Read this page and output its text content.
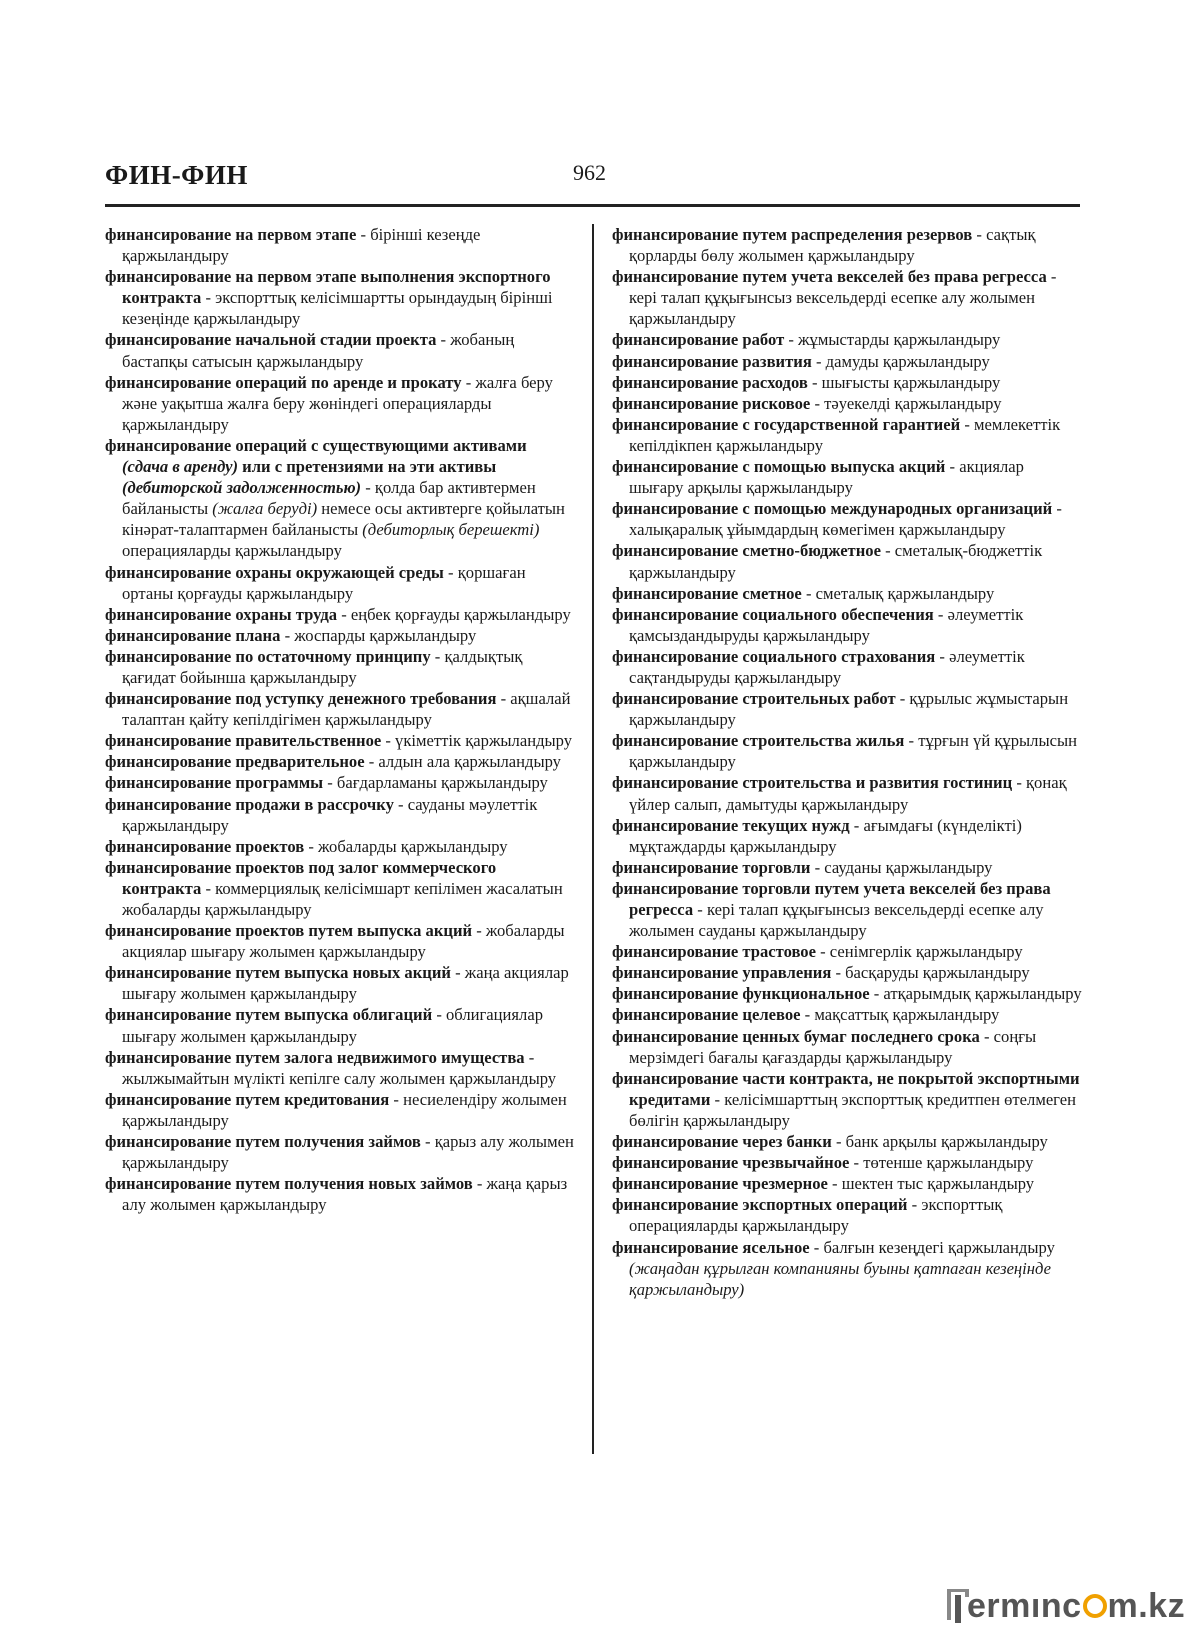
ФИН-ФИН	962

финансирование на первом этапе - бірінші кезеңде қаржыландыру

финансирование на первом этапе выполнения экспортного контракта - экспорттық келісімшартты орындаудың бірінші кезеңінде қаржыландыру

финансирование начальной стадии проекта - жобаның бастапқы сатысын қаржыландыру

финансирование операций по аренде и прокату - жалға беру және уақытша жалға беру жөніндегі операцияларды қаржыландыру

финансирование операций с существующими активами (сдача в аренду) или с претензиями на эти активы (дебиторской задолженностью) - қолда бар активтермен байланысты (жалға беруді) немесе осы активтерге қойылатын кінәрат-талаптармен байланысты (дебиторлық берешекті) операцияларды қаржыландыру

финансирование охраны окружающей среды - қоршаған ортаны қорғауды қаржыландыру

финансирование охраны труда - еңбек қорғауды қаржыландыру

финансирование плана - жоспарды қаржыландыру

финансирование по остаточному принципу - қалдықтық қағидат бойынша қаржыландыру

финансирование под уступку денежного требования - ақшалай талаптан қайту кепілдігімен қаржыландыру

финансирование правительственное - үкіметтік қаржыландыру

финансирование предварительное - алдын ала қаржыландыру

финансирование программы - бағдарламаны қаржыландыру

финансирование продажи в рассрочку - сауданы мәулеттік қаржыландыру

финансирование проектов - жобаларды қаржыландыру

финансирование проектов под залог коммерческого контракта - коммерциялық келісімшарт кепілімен жасалатын жобаларды қаржыландыру

финансирование проектов путем выпуска акций - жобаларды акциялар шығару жолымен қаржыландыру

финансирование путем выпуска новых акций - жаңа акциялар шығару жолымен қаржыландыру

финансирование путем выпуска облигаций - облигациялар шығару жолымен қаржыландыру

финансирование путем залога недвижимого имущества - жылжымайтын мүлікті кепілге салу жолымен қаржыландыру

финансирование путем кредитования - несиелендіру жолымен қаржыландыру

финансирование путем получения займов - қарыз алу жолымен қаржыландыру

финансирование путем получения новых займов - жаңа қарыз алу жолымен қаржыландыру

финансирование путем распределения резервов - сақтық қорларды бөлу жолымен қаржыландыру

финансирование путем учета векселей без права регресса - кері талап құқығынсыз вексельдерді есепке алу жолымен қаржыландыру

финансирование работ - жұмыстарды қаржыландыру

финансирование развития - дамуды қаржыландыру

финансирование расходов - шығысты қаржыландыру

финансирование рисковое - тәуекелді қаржыландыру

финансирование с государственной гарантией - мемлекеттік кепілдікпен қаржыландыру

финансирование с помощью выпуска акций - акциялар шығару арқылы қаржыландыру

финансирование с помощью международных организаций - халықаралық ұйымдардың көмегімен қаржыландыру

финансирование сметно-бюджетное - сметалық-бюджеттік қаржыландыру

финансирование сметное - сметалық қаржыландыру

финансирование социального обеспечения - әлеуметтік қамсыздандыруды қаржыландыру

финансирование социального страхования - әлеуметтік сақтандыруды қаржыландыру

финансирование строительных работ - құрылыс жұмыстарын қаржыландыру

финансирование строительства жилья - тұрғын үй құрылысын қаржыландыру

финансирование строительства и развития гостиниц - қонақ үйлер салып, дамытуды қаржыландыру

финансирование текущих нужд - ағымдағы (күнделікті) мұқтаждарды қаржыландыру

финансирование торговли - сауданы қаржыландыру

финансирование торговли путем учета векселей без права регресса - кері талап құқығынсыз вексельдерді есепке алу жолымен сауданы қаржыландыру

финансирование трастовое - сенімгерлік қаржыландыру

финансирование управления - басқаруды қаржыландыру

финансирование функциональное - атқарымдық қаржыландыру

финансирование целевое - мақсаттық қаржыландыру

финансирование ценных бумаг последнего срока - соңғы мерзімдегі бағалы қағаздарды қаржыландыру

финансирование части контракта, не покрытой экспортными кредитами - келісімшарттың экспорттық кредитпен өтелмеген бөлігін қаржыландыру

финансирование через банки - банк арқылы қаржыландыру

финансирование чрезвычайное - төтенше қаржыландыру

финансирование чрезмерное - шектен тыс қаржыландыру

финансирование экспортных операций - экспорттық операцияларды қаржыландыру

финансирование ясельное - балғын кезеңдегі қаржыландыру (жаңадан құрылған компанияны буыны қатпаған кезеңінде қаржыландыру)

ermınc m.kz
